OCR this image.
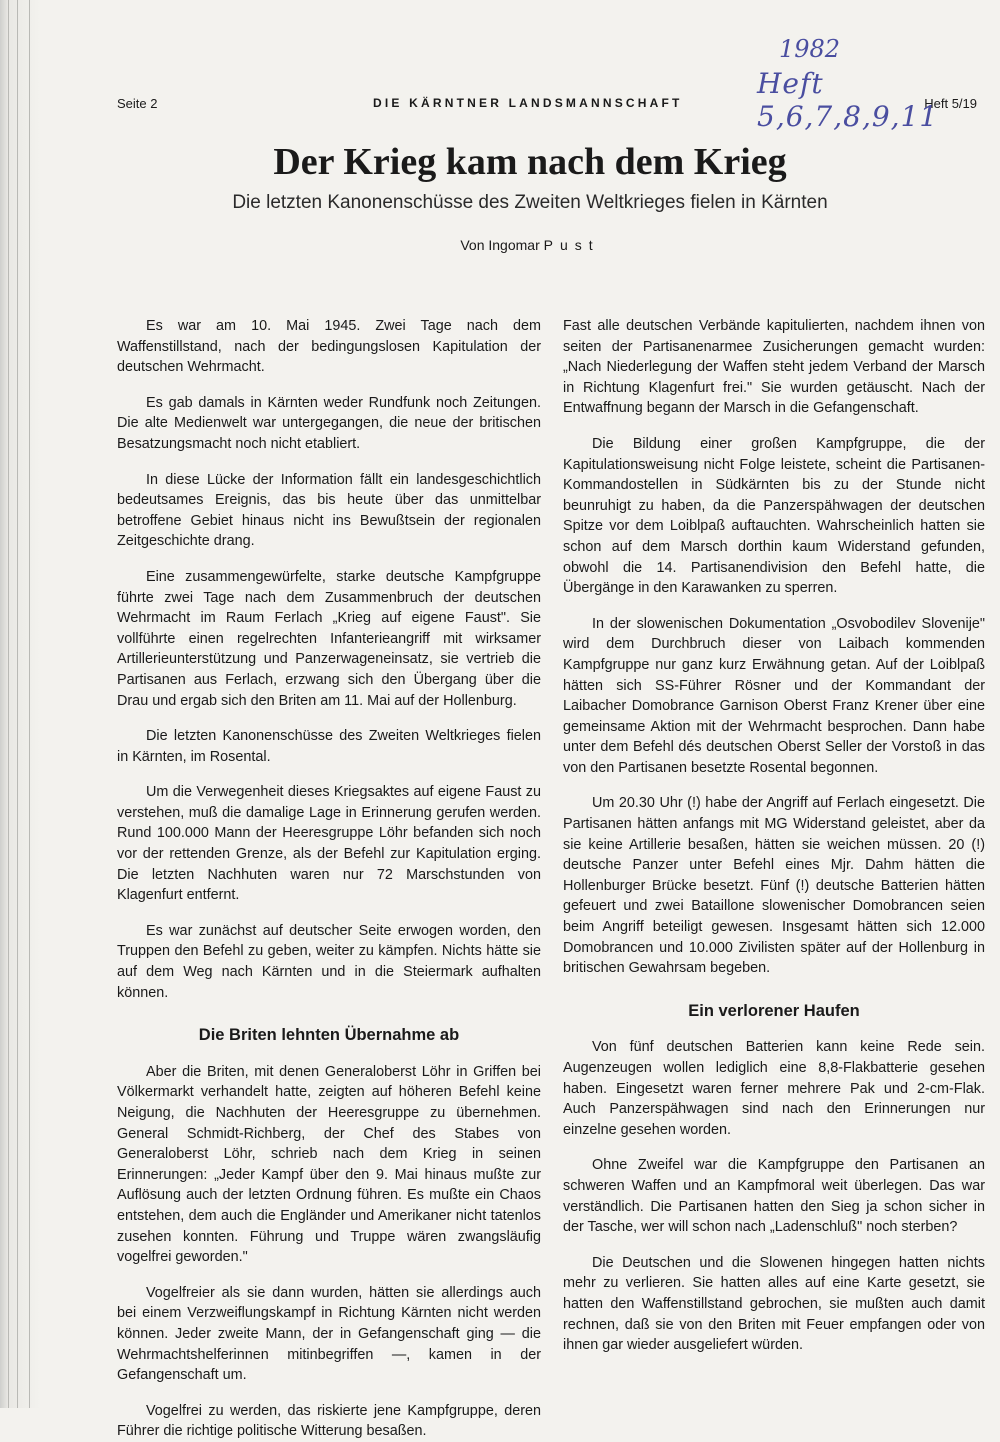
Seite 2	DIE KÄRNTNER LANDSMANNSCHAFT	Heft 5/19
1982
Heft 5,6,7,8,9,11
Der Krieg kam nach dem Krieg
Die letzten Kanonenschüsse des Zweiten Weltkrieges fielen in Kärnten
Von Ingomar Pust

Es war am 10. Mai 1945. Zwei Tage nach dem Waffenstillstand, nach der bedingungslosen Kapitulation der deutschen Wehrmacht.

Es gab damals in Kärnten weder Rundfunk noch Zeitungen. Die alte Medienwelt war untergegangen, die neue der britischen Besatzungsmacht noch nicht etabliert.

In diese Lücke der Information fällt ein landesgeschichtlich bedeutsames Ereignis, das bis heute über das unmittelbar betroffene Gebiet hinaus nicht ins Bewußtsein der regionalen Zeitgeschichte drang.

Eine zusammengewürfelte, starke deutsche Kampfgruppe führte zwei Tage nach dem Zusammenbruch der deutschen Wehrmacht im Raum Ferlach „Krieg auf eigene Faust". Sie vollführte einen regelrechten Infanterieangriff mit wirksamer Artillerieunterstützung und Panzerwageneinsatz, sie vertrieb die Partisanen aus Ferlach, erzwang sich den Übergang über die Drau und ergab sich den Briten am 11. Mai auf der Hollenburg.

Die letzten Kanonenschüsse des Zweiten Weltkrieges fielen in Kärnten, im Rosental.

Um die Verwegenheit dieses Kriegsaktes auf eigene Faust zu verstehen, muß die damalige Lage in Erinnerung gerufen werden. Rund 100.000 Mann der Heeresgruppe Löhr befanden sich noch vor der rettenden Grenze, als der Befehl zur Kapitulation erging. Die letzten Nachhuten waren nur 72 Marschstunden von Klagenfurt entfernt.

Es war zunächst auf deutscher Seite erwogen worden, den Truppen den Befehl zu geben, weiter zu kämpfen. Nichts hätte sie auf dem Weg nach Kärnten und in die Steiermark aufhalten können.

Die Briten lehnten Übernahme ab

Aber die Briten, mit denen Generaloberst Löhr in Griffen bei Völkermarkt verhandelt hatte, zeigten auf höheren Befehl keine Neigung, die Nachhuten der Heeresgruppe zu übernehmen. General Schmidt-Richberg, der Chef des Stabes von Generaloberst Löhr, schrieb nach dem Krieg in seinen Erinnerungen: „Jeder Kampf über den 9. Mai hinaus mußte zur Auflösung auch der letzten Ordnung führen. Es mußte ein Chaos entstehen, dem auch die Engländer und Amerikaner nicht tatenlos zusehen konnten. Führung und Truppe wären zwangsläufig vogelfrei geworden."

Vogelfreier als sie dann wurden, hätten sie allerdings auch bei einem Verzweiflungskampf in Richtung Kärnten nicht werden können. Jeder zweite Mann, der in Gefangenschaft ging — die Wehrmachtshelferinnen mitinbegriffen —, kamen in der Gefangenschaft um.

Vogelfrei zu werden, das riskierte jene Kampfgruppe, deren Führer die richtige politische Witterung besaßen.

Fast alle deutschen Verbände kapitulierten, nachdem ihnen von seiten der Partisanenarmee Zusicherungen gemacht wurden: „Nach Niederlegung der Waffen steht jedem Verband der Marsch in Richtung Klagenfurt frei." Sie wurden getäuscht. Nach der Entwaffnung begann der Marsch in die Gefangenschaft.

Die Bildung einer großen Kampfgruppe, die der Kapitulationsweisung nicht Folge leistete, scheint die Partisanen-Kommandostellen in Südkärnten bis zu der Stunde nicht beunruhigt zu haben, da die Panzerspähwagen der deutschen Spitze vor dem Loiblpaß auftauchten. Wahrscheinlich hatten sie schon auf dem Marsch dorthin kaum Widerstand gefunden, obwohl die 14. Partisanendivision den Befehl hatte, die Übergänge in den Karawanken zu sperren.

In der slowenischen Dokumentation „Osvobodilev Slovenije" wird dem Durchbruch dieser von Laibach kommenden Kampfgruppe nur ganz kurz Erwähnung getan. Auf der Loiblpaß hätten sich SS-Führer Rösner und der Kommandant der Laibacher Domobrance Garnison Oberst Franz Krener über eine gemeinsame Aktion mit der Wehrmacht besprochen. Dann habe unter dem Befehl dés deutschen Oberst Seller der Vorstoß in das von den Partisanen besetzte Rosental begonnen.

Um 20.30 Uhr (!) habe der Angriff auf Ferlach eingesetzt. Die Partisanen hätten anfangs mit MG Widerstand geleistet, aber da sie keine Artillerie besaßen, hätten sie weichen müssen. 20 (!) deutsche Panzer unter Befehl eines Mjr. Dahm hätten die Hollenburger Brücke besetzt. Fünf (!) deutsche Batterien hätten gefeuert und zwei Bataillone slowenischer Domobrancen seien beim Angriff beteiligt gewesen. Insgesamt hätten sich 12.000 Domobrancen und 10.000 Zivilisten später auf der Hollenburg in britischen Gewahrsam begeben.

Ein verlorener Haufen

Von fünf deutschen Batterien kann keine Rede sein. Augenzeugen wollen lediglich eine 8,8-Flakbatterie gesehen haben. Eingesetzt waren ferner mehrere Pak und 2-cm-Flak. Auch Panzerspähwagen sind nach den Erinnerungen nur einzelne gesehen worden.

Ohne Zweifel war die Kampfgruppe den Partisanen an schweren Waffen und an Kampfmoral weit überlegen. Das war verständlich. Die Partisanen hatten den Sieg ja schon sicher in der Tasche, wer will schon nach „Ladenschluß" noch sterben?

Die Deutschen und die Slowenen hingegen hatten nichts mehr zu verlieren. Sie hatten alles auf eine Karte gesetzt, sie hatten den Waffenstillstand gebrochen, sie mußten auch damit rechnen, daß sie von den Briten mit Feuer empfangen oder von ihnen gar wieder ausgeliefert würden.
